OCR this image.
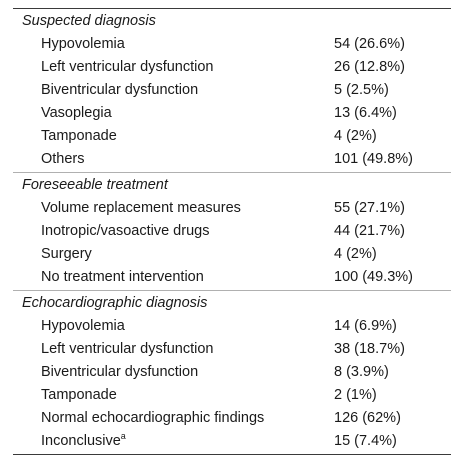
Suspected diagnosis
Hypovolemia	54 (26.6%)
Left ventricular dysfunction	26 (12.8%)
Biventricular dysfunction	5 (2.5%)
Vasoplegia	13 (6.4%)
Tamponade	4 (2%)
Others	101 (49.8%)
Foreseeable treatment
Volume replacement measures	55 (27.1%)
Inotropic/vasoactive drugs	44 (21.7%)
Surgery	4 (2%)
No treatment intervention	100 (49.3%)
Echocardiographic diagnosis
Hypovolemia	14 (6.9%)
Left ventricular dysfunction	38 (18.7%)
Biventricular dysfunction	8 (3.9%)
Tamponade	2 (1%)
Normal echocardiographic findings	126 (62%)
Inconclusive$^a$	15 (7.4%)
